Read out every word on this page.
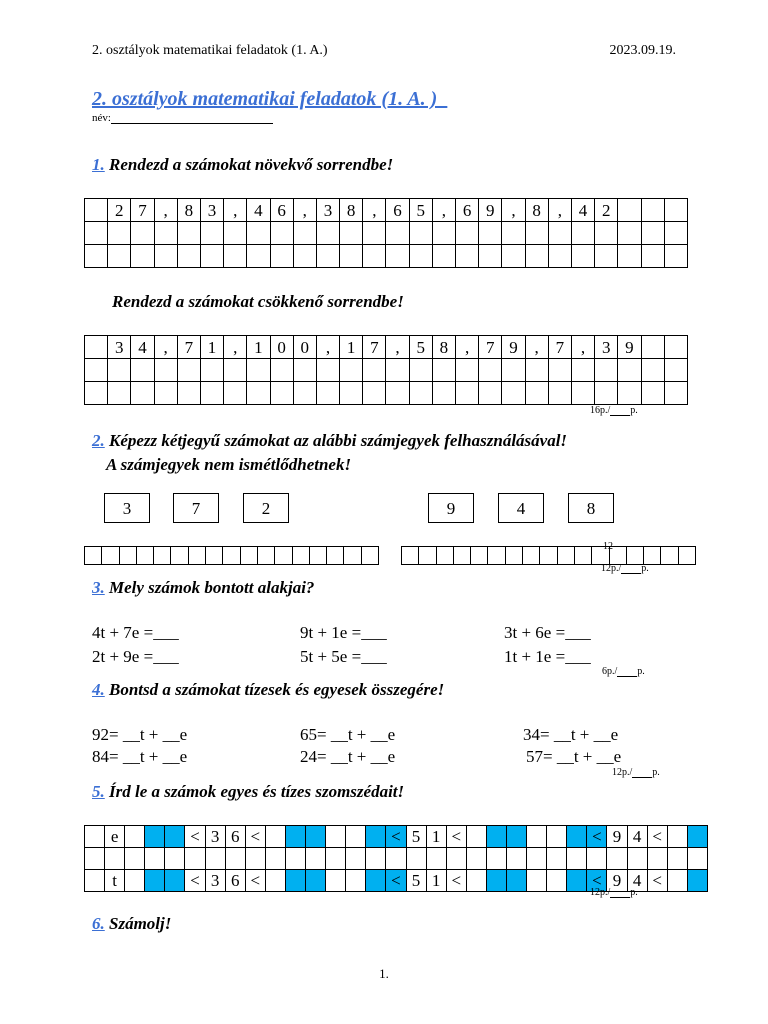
2. osztályok matematikai feladatok (1. A.)	2023.09.19.
2. osztályok matematikai feladatok (1. A. )
név:
1. Rendezd a számokat növekvő sorrendbe!
	2	7	,	8	3	,	4	6	,	3	8	,	6	5	,	6	9	,	8	,	4	2			

Rendezd a számokat csökkenő sorrendbe!
	3	4	,	7	1	,	1	0	0	,	1	7	,	5	8	,	7	9	,	7	,	3	9		

16p./ p.
2. Képezz kétjegyű számokat az alábbi számjegyek felhasználásával!
A számjegyek nem ismétlődhetnek!
3	7	2	9	4	8

12
12p./ p.
3. Mely számok bontott alakjai?
4t + 7e =___	9t + 1e =___	3t + 6e =___
2t + 9e =___	5t + 5e =___	1t + 1e =___
6p./ p.
4. Bontsd a számokat tízesek és egyesek összegére!
92= __t + __e	65= __t + __e	34= __t + __e
84= __t + __e	24= __t + __e	57= __t + __e
12p./ p.
5. Írd le a számok egyes és tízes szomszédait!
	e				<	3	6	<							<	5	1	<							<	9	4	<		

	t				<	3	6	<							<	5	1	<							<	9	4	<		
12p./ p.
6. Számolj!
1.
